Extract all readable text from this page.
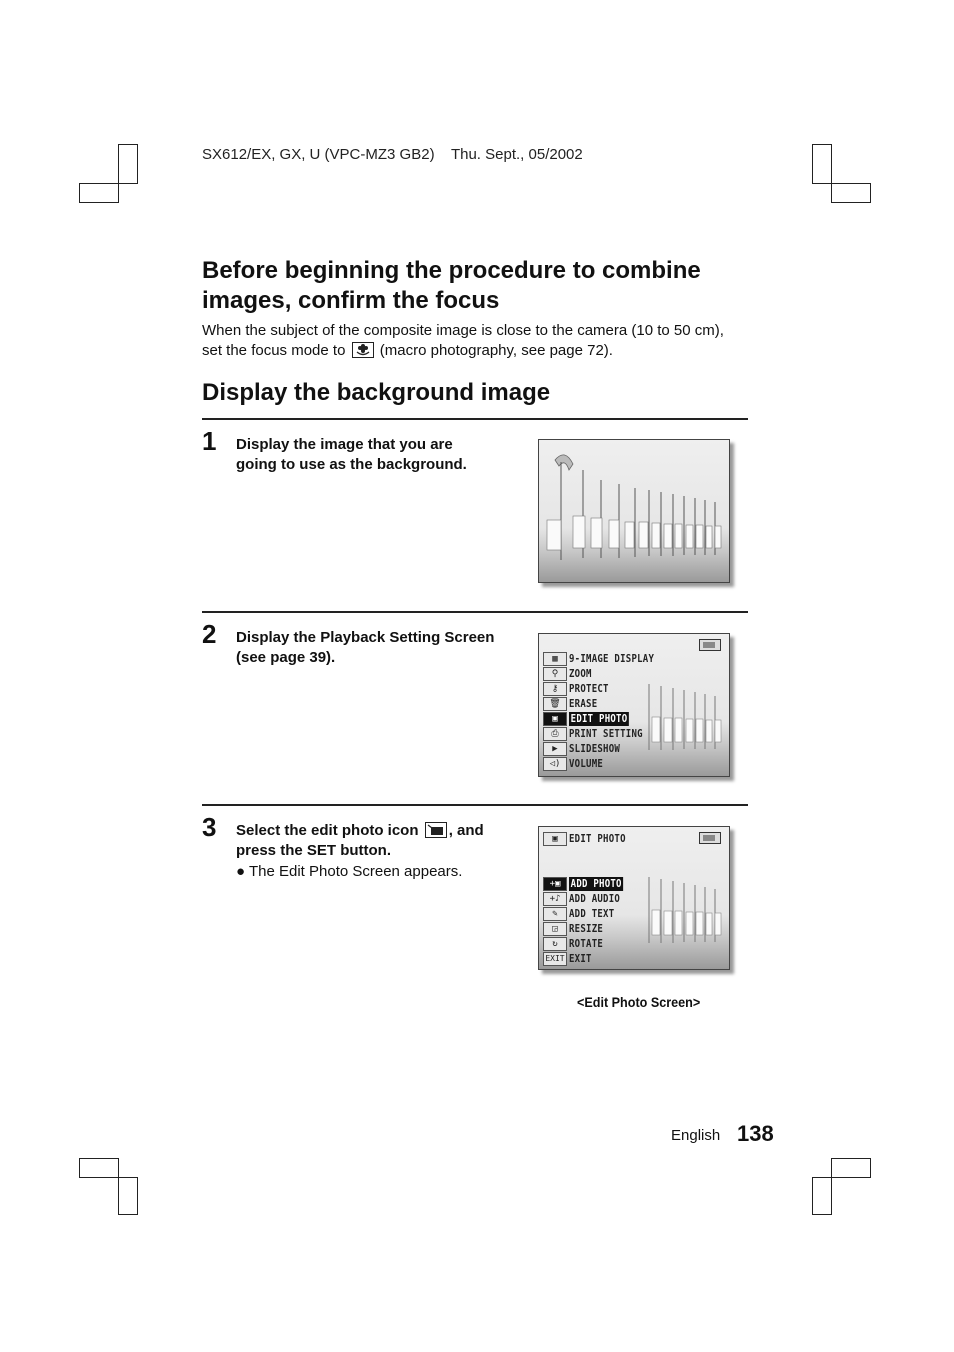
SX612/EX, GX, U (VPC-MZ3 GB2)    Thu. Sept., 05/2002
Before beginning the procedure to combine images, confirm the focus
When the subject of the composite image is close to the camera (10 to 50 cm), set the focus mode to (macro photography, see page 72).
Display the background image
1 Display the image that you are going to use as the background.
2 Display the Playback Setting Screen (see page 39).	▦	9-IMAGE DISPLAY
⚲ ZOOM
⚷ PROTECT
🗑 ERASE
▣	EDIT PHOTO
⎙ PRINT SETTING
▶	SLIDESHOW
◁) VOLUME
3 Select the edit photo icon , and press the SET button.
● The Edit Photo Screen appears.
▣	EDIT PHOTO
+▣ ADD PHOTO
+♪ ADD AUDIO
✎	ADD TEXT
◲	RESIZE
↻	ROTATE
EXIT EXIT
<Edit Photo Screen>
English 138
